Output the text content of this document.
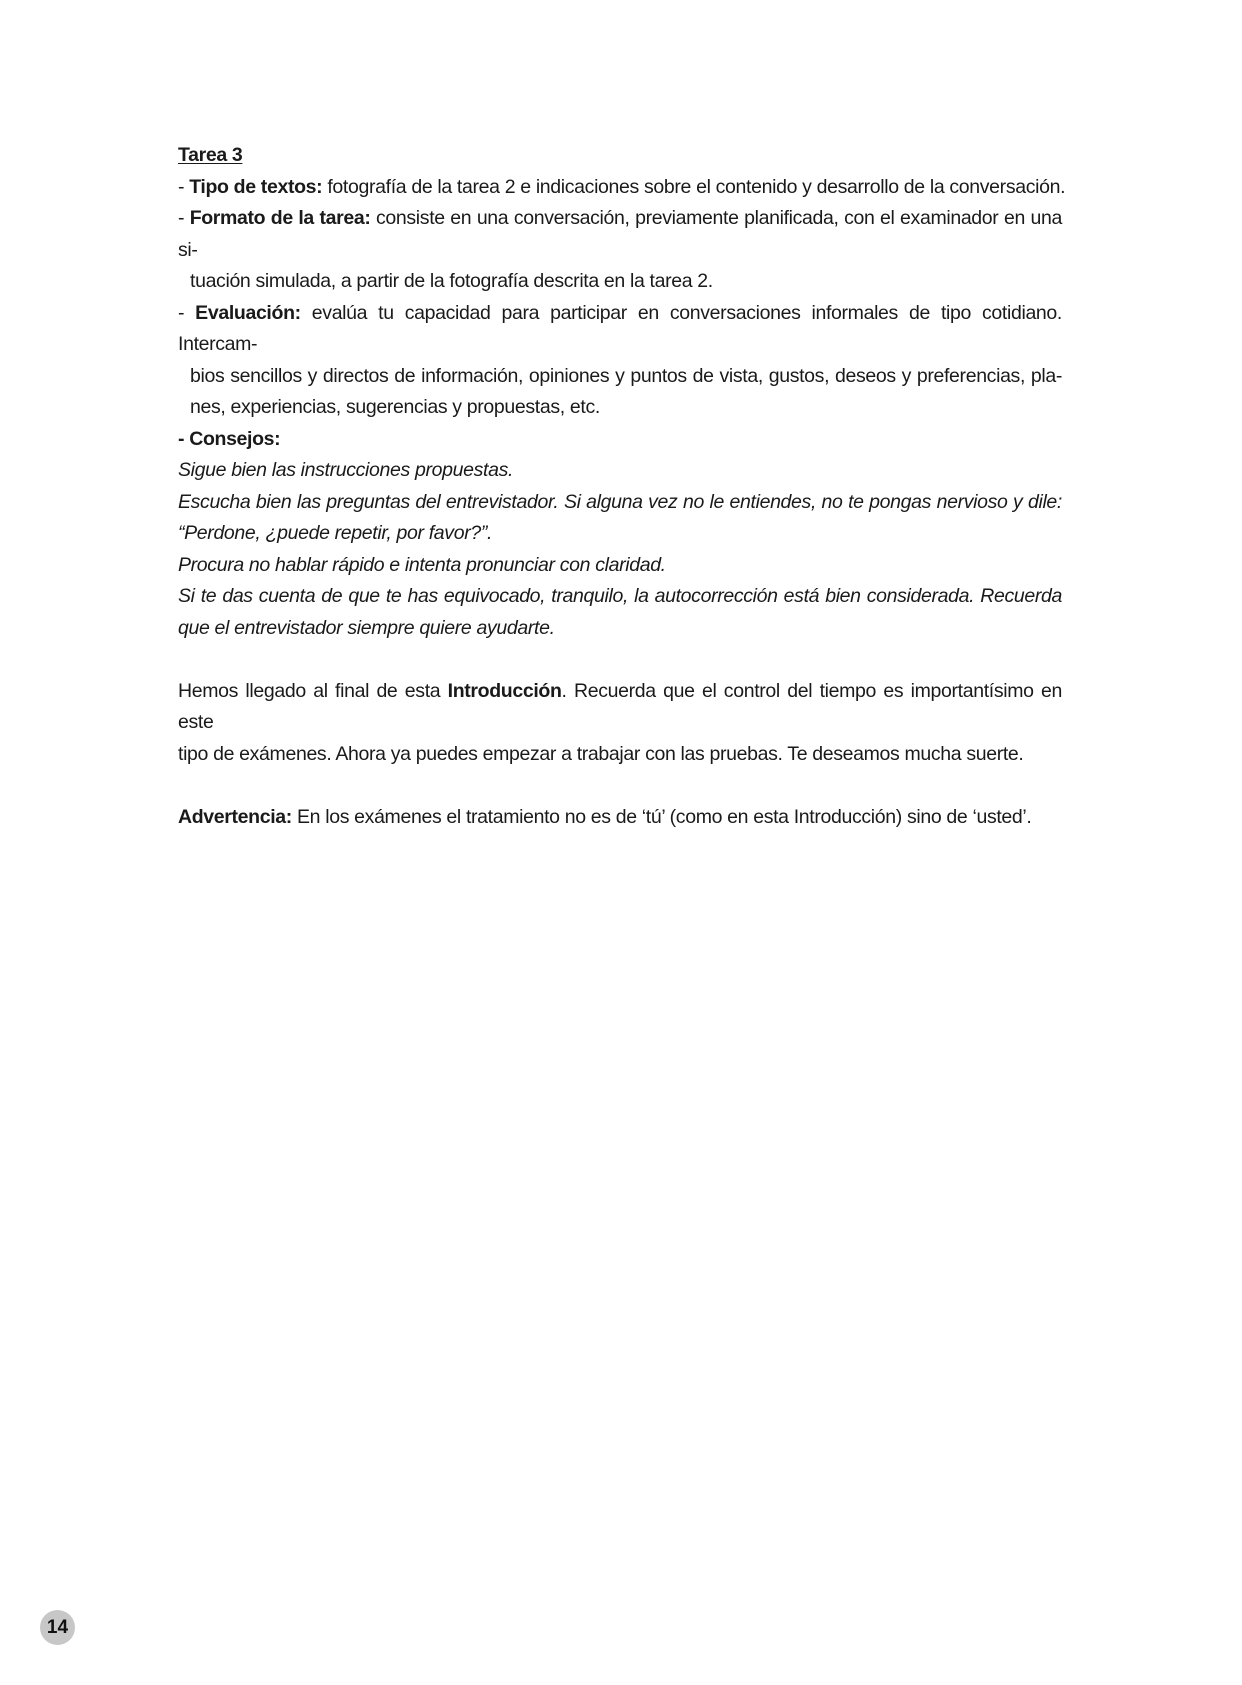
Tarea 3
- Tipo de textos: fotografía de la tarea 2 e indicaciones sobre el contenido y desarrollo de la conversación.
- Formato de la tarea: consiste en una conversación, previamente planificada, con el examinador en una si-
tuación simulada, a partir de la fotografía descrita en la tarea 2.
- Evaluación: evalúa tu capacidad para participar en conversaciones informales de tipo cotidiano. Intercam-
bios sencillos y directos de información, opiniones y puntos de vista, gustos, deseos y preferencias, pla-
nes, experiencias, sugerencias y propuestas, etc.
- Consejos:
Sigue bien las instrucciones propuestas.
Escucha bien las preguntas del entrevistador. Si alguna vez no le entiendes, no te pongas nervioso y dile:
“Perdone, ¿puede repetir, por favor?”.
Procura no hablar rápido e intenta pronunciar con claridad.
Si te das cuenta de que te has equivocado, tranquilo, la autocorrección está bien considerada. Recuerda
que el entrevistador siempre quiere ayudarte.
Hemos llegado al final de esta Introducción. Recuerda que el control del tiempo es importantísimo en este
tipo de exámenes. Ahora ya puedes empezar a trabajar con las pruebas. Te deseamos mucha suerte.
Advertencia: En los exámenes el tratamiento no es de ‘tú’ (como en esta Introducción) sino de ‘usted’.
14
